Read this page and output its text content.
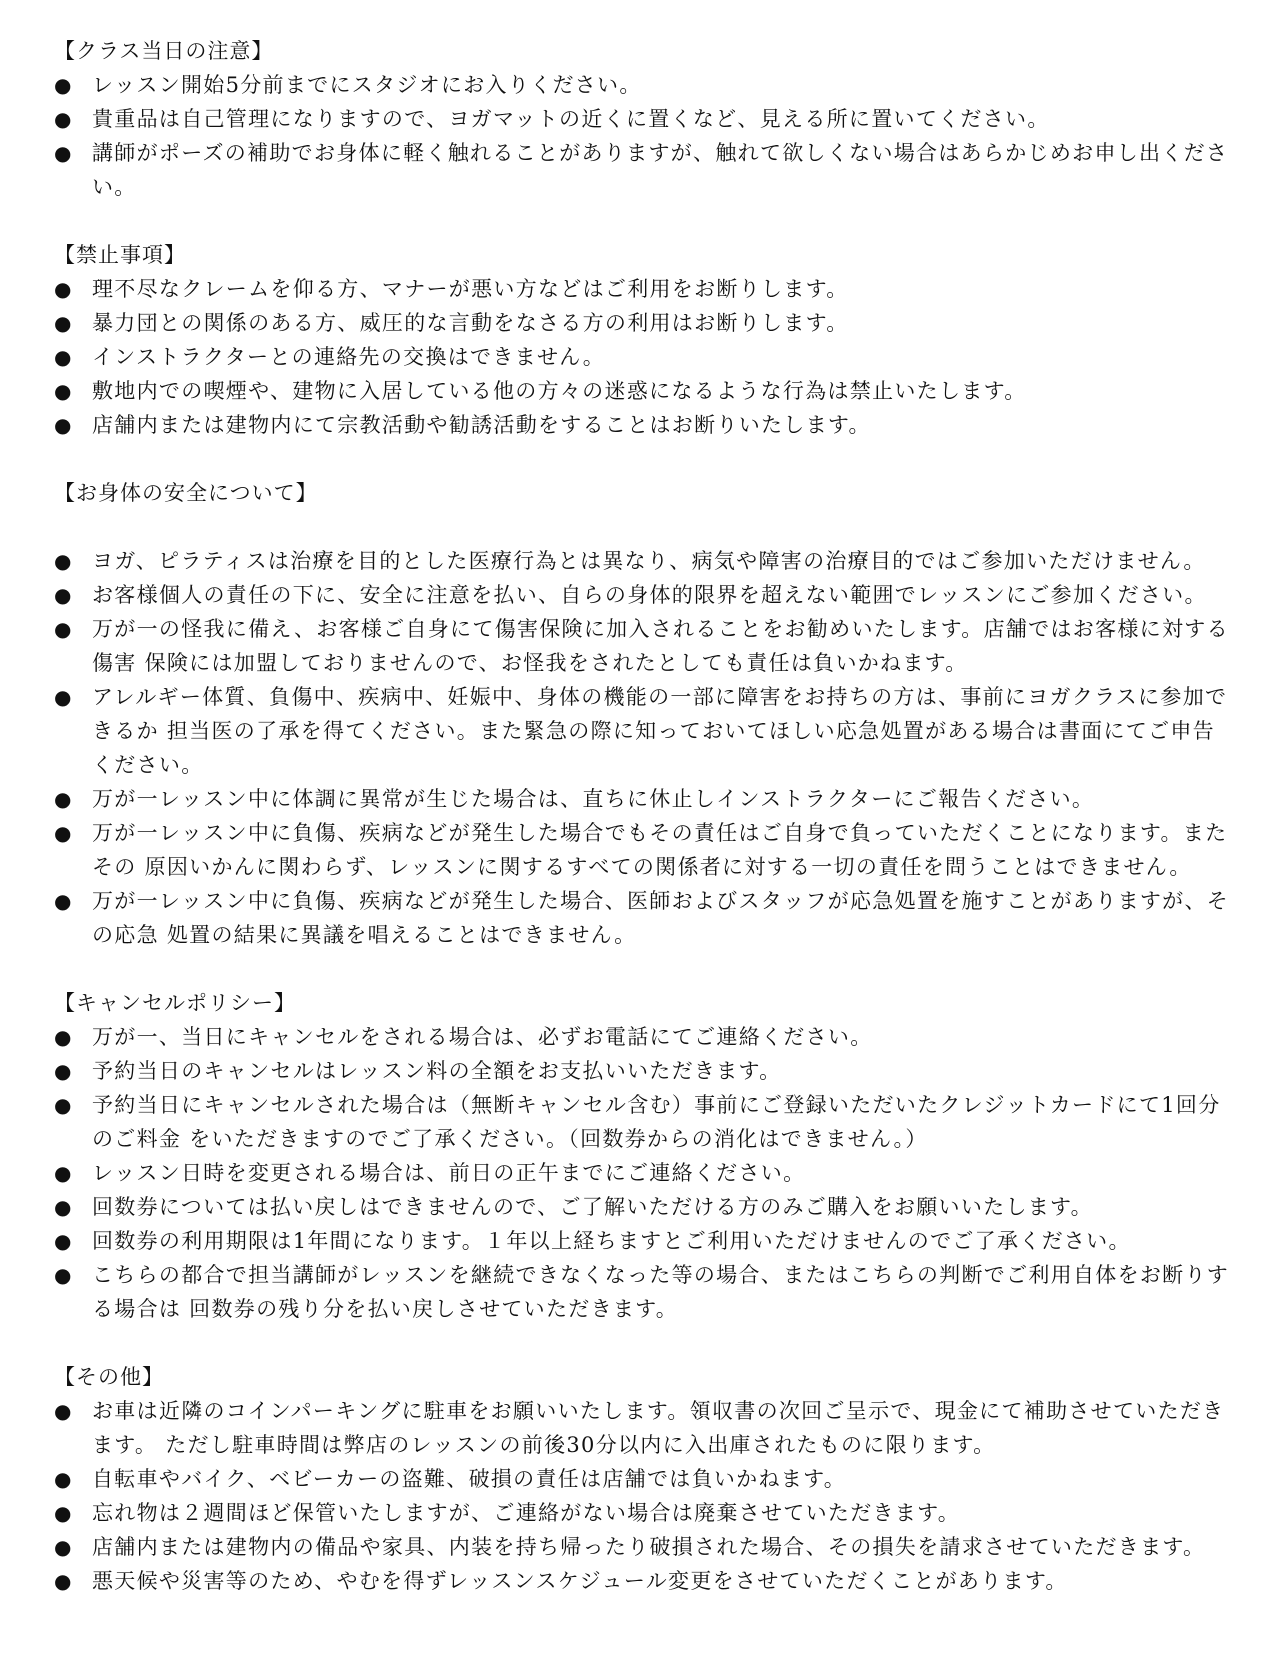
【クラス当日の注意】

● レッスン開始5分前までにスタジオにお入りください。

● 貴重品は自己管理になりますので、ヨガマットの近くに置くなど、見える所に置いてください。

● 講師がポーズの補助でお身体に軽く触れることがありますが、触れて欲しくない場合はあらかじめお申し出ください。

【禁止事項】

● 理不尽なクレームを仰る方、マナーが悪い方などはご利用をお断りします。

● 暴力団との関係のある方、威圧的な言動をなさる方の利用はお断りします。

● インストラクターとの連絡先の交換はできません。

● 敷地内での喫煙や、建物に入居している他の方々の迷惑になるような行為は禁止いたします。

● 店舗内または建物内にて宗教活動や勧誘活動をすることはお断りいたします。

【お身体の安全について】

● ヨガ、ピラティスは治療を目的とした医療行為とは異なり、病気や障害の治療目的ではご参加いただけません。

● お客様個人の責任の下に、安全に注意を払い、自らの身体的限界を超えない範囲でレッスンにご参加ください。

● 万が一の怪我に備え、お客様ご自身にて傷害保険に加入されることをお勧めいたします。店舗ではお客様に対する傷害 保険には加盟しておりませんので、お怪我をされたとしても責任は負いかねます。

● アレルギー体質、負傷中、疾病中、妊娠中、身体の機能の一部に障害をお持ちの方は、事前にヨガクラスに参加できるか 担当医の了承を得てください。また緊急の際に知っておいてほしい応急処置がある場合は書面にてご申告ください。

● 万が一レッスン中に体調に異常が生じた場合は、直ちに休止しインストラクターにご報告ください。

● 万が一レッスン中に負傷、疾病などが発生した場合でもその責任はご自身で負っていただくことになります。またその 原因いかんに関わらず、レッスンに関するすべての関係者に対する一切の責任を問うことはできません。

● 万が一レッスン中に負傷、疾病などが発生した場合、医師およびスタッフが応急処置を施すことがありますが、その応急 処置の結果に異議を唱えることはできません。

【キャンセルポリシー】

● 万が一、当日にキャンセルをされる場合は、必ずお電話にてご連絡ください。

● 予約当日のキャンセルはレッスン料の全額をお支払いいただきます。

● 予約当日にキャンセルされた場合は（無断キャンセル含む）事前にご登録いただいたクレジットカードにて1回分のご料金 をいただきますのでご了承ください。（回数券からの消化はできません。）

● レッスン日時を変更される場合は、前日の正午までにご連絡ください。

● 回数券については払い戻しはできませんので、ご了解いただける方のみご購入をお願いいたします。

● 回数券の利用期限は1年間になります。１年以上経ちますとご利用いただけませんのでご了承ください。

● こちらの都合で担当講師がレッスンを継続できなくなった等の場合、またはこちらの判断でご利用自体をお断りする場合は 回数券の残り分を払い戻しさせていただきます。

【その他】

● お車は近隣のコインパーキングに駐車をお願いいたします。領収書の次回ご呈示で、現金にて補助させていただきます。 ただし駐車時間は弊店のレッスンの前後30分以内に入出庫されたものに限ります。

● 自転車やバイク、ベビーカーの盗難、破損の責任は店舗では負いかねます。

● 忘れ物は２週間ほど保管いたしますが、ご連絡がない場合は廃棄させていただきます。

● 店舗内または建物内の備品や家具、内装を持ち帰ったり破損された場合、その損失を請求させていただきます。

● 悪天候や災害等のため、やむを得ずレッスンスケジュール変更をさせていただくことがあります。
